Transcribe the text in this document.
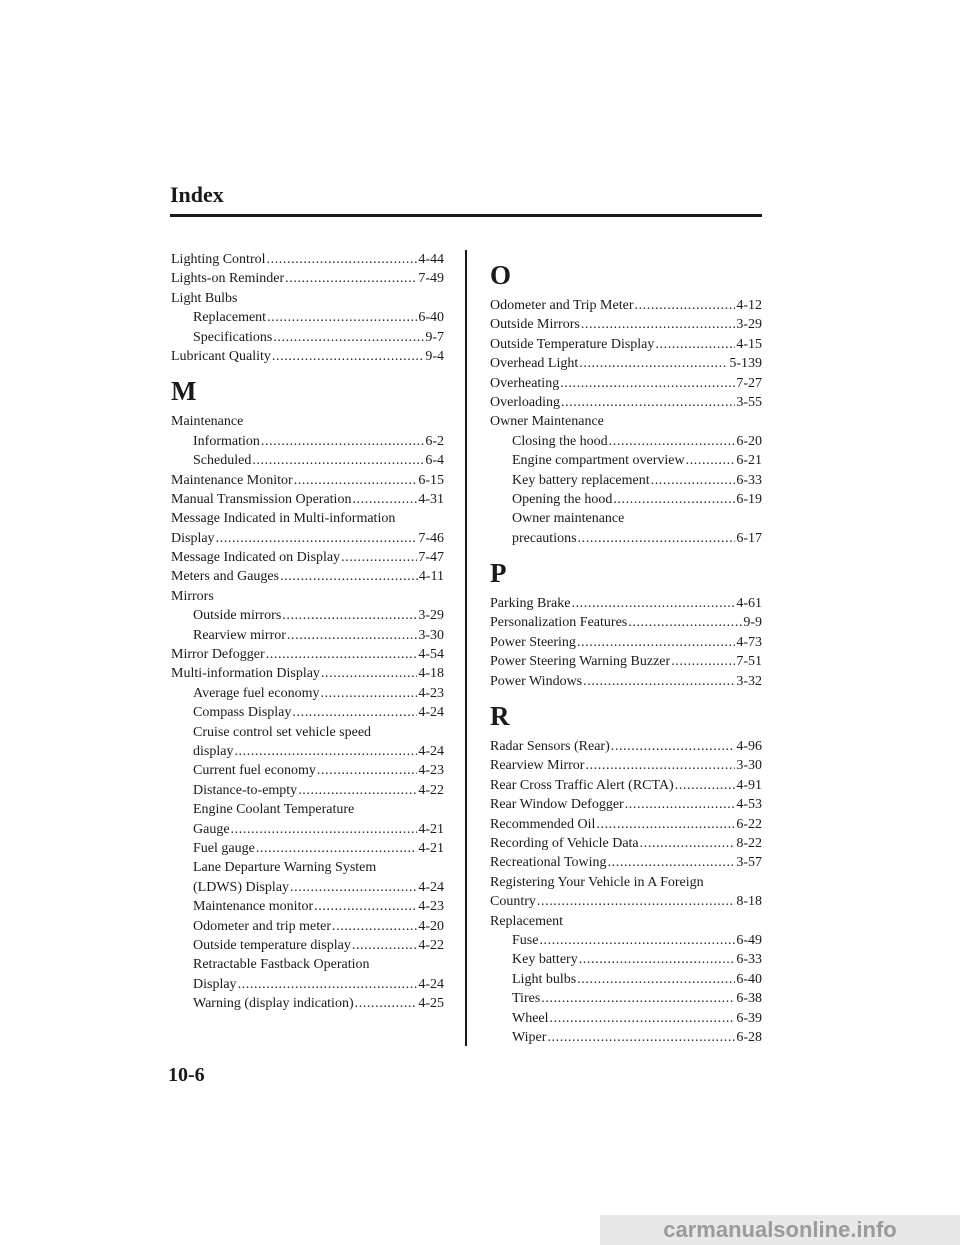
Index
Lighting Control .....	4-44
Lights-on Reminder .....	7-49
Light Bulbs
Replacement .....	6-40
Specifications .....	9-7
Lubricant Quality .....	9-4
M
Maintenance
Information .....	6-2
Scheduled .....	6-4
Maintenance Monitor .....	6-15
Manual Transmission Operation .....	4-31
Message Indicated in Multi-information
Display .....	7-46
Message Indicated on Display .....	7-47
Meters and Gauges .....	4-11
Mirrors
Outside mirrors .....	3-29
Rearview mirror .....	3-30
Mirror Defogger .....	4-54
Multi-information Display .....	4-18
Average fuel economy .....	4-23
Compass Display .....	4-24
Cruise control set vehicle speed
display .....	4-24
Current fuel economy .....	4-23
Distance-to-empty .....	4-22
Engine Coolant Temperature
Gauge .....	4-21
Fuel gauge .....	4-21
Lane Departure Warning System
(LDWS) Display .....	4-24
Maintenance monitor .....	4-23
Odometer and trip meter .....	4-20
Outside temperature display .....	4-22
Retractable Fastback Operation
Display .....	4-24
Warning (display indication) .....	4-25
O
Odometer and Trip Meter .....	4-12
Outside Mirrors .....	3-29
Outside Temperature Display .....	4-15
Overhead Light .....	5-139
Overheating .....	7-27
Overloading .....	3-55
Owner Maintenance
Closing the hood .....	6-20
Engine compartment overview .....	6-21
Key battery replacement .....	6-33
Opening the hood .....	6-19
Owner maintenance
precautions .....	6-17
P
Parking Brake .....	4-61
Personalization Features .....	9-9
Power Steering .....	4-73
Power Steering Warning Buzzer .....	7-51
Power Windows .....	3-32
R
Radar Sensors (Rear) .....	4-96
Rearview Mirror .....	3-30
Rear Cross Traffic Alert (RCTA) .....	4-91
Rear Window Defogger .....	4-53
Recommended Oil .....	6-22
Recording of Vehicle Data .....	8-22
Recreational Towing .....	3-57
Registering Your Vehicle in A Foreign
Country .....	8-18
Replacement
Fuse .....	6-49
Key battery .....	6-33
Light bulbs .....	6-40
Tires .....	6-38
Wheel .....	6-39
Wiper .....	6-28
10-6
carmanualsonline.info
